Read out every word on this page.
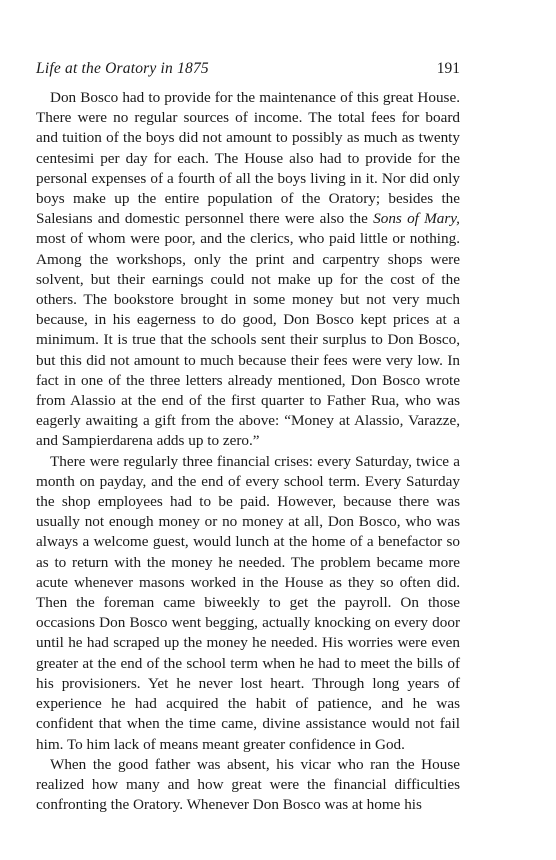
Life at the Oratory in 1875	191

Don Bosco had to provide for the maintenance of this great House. There were no regular sources of income. The total fees for board and tuition of the boys did not amount to possibly as much as twenty centesimi per day for each. The House also had to provide for the personal expenses of a fourth of all the boys living in it. Nor did only boys make up the entire population of the Oratory; besides the Salesians and domestic personnel there were also the Sons of Mary, most of whom were poor, and the clerics, who paid little or nothing. Among the workshops, only the print and carpentry shops were solvent, but their earnings could not make up for the cost of the others. The bookstore brought in some money but not very much because, in his eagerness to do good, Don Bosco kept prices at a minimum. It is true that the schools sent their surplus to Don Bosco, but this did not amount to much because their fees were very low. In fact in one of the three letters already mentioned, Don Bosco wrote from Alassio at the end of the first quarter to Father Rua, who was eagerly awaiting a gift from the above: “Money at Alassio, Varazze, and Sampierdarena adds up to zero.”

There were regularly three financial crises: every Saturday, twice a month on payday, and the end of every school term. Every Saturday the shop employees had to be paid. However, because there was usually not enough money or no money at all, Don Bosco, who was always a welcome guest, would lunch at the home of a benefactor so as to return with the money he needed. The problem became more acute whenever masons worked in the House as they so often did. Then the foreman came biweekly to get the payroll. On those occasions Don Bosco went begging, actually knocking on every door until he had scraped up the money he needed. His worries were even greater at the end of the school term when he had to meet the bills of his provisioners. Yet he never lost heart. Through long years of experience he had acquired the habit of patience, and he was confident that when the time came, divine assistance would not fail him. To him lack of means meant greater confidence in God.

When the good father was absent, his vicar who ran the House realized how many and how great were the financial difficulties confronting the Oratory. Whenever Don Bosco was at home his
